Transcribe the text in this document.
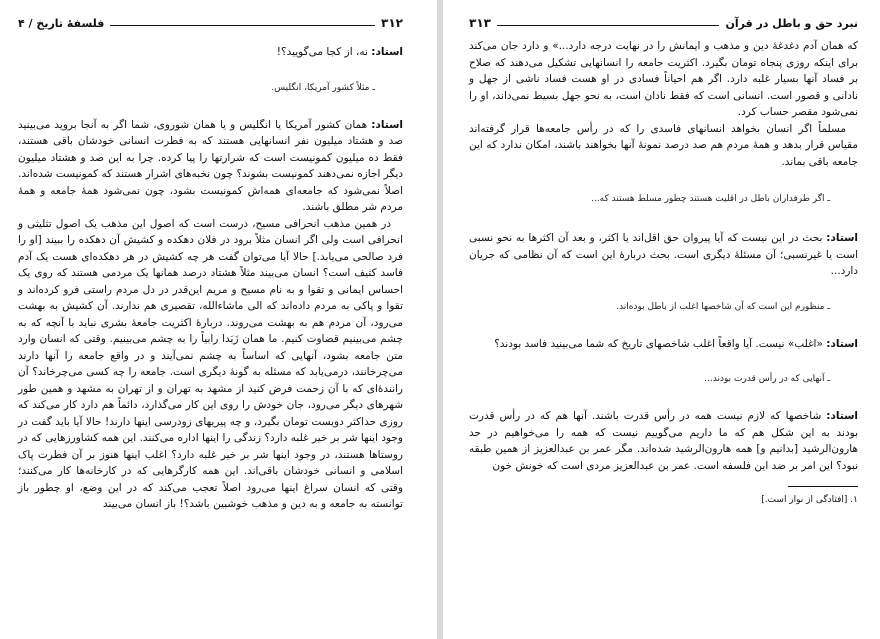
۳۱۲
فلسفهٔ تاریخ / ۴

استاد: نه، از کجا می‌گویید؟!

ـ مثلاً کشور آمریکا، انگلیس.

استاد: همان کشور آمریکا یا انگلیس و یا همان شوروی، شما اگر به آنجا بروید می‌بینید صد و هشتاد میلیون نفر انسانهایی هستند که به فطرت انسانی خودشان باقی هستند، فقط ده میلیون کمونیست است که شرارتها را پیا کرده. چرا به این صد و هشتاد میلیون دیگر اجازه نمی‌دهند کمونیست بشوند؟ چون نخبه‌های اشرار هستند که کمونیست شده‌اند. اصلاً نمی‌شود که جامعه‌ای همه‌اش کمونیست بشود، چون نمی‌شود همهٔ جامعه و همهٔ مردم شر مطلق باشند.

در همین مذهب انحرافی مسیح، درست است که اصول این مذهب یک اصول تثلیثی و انحرافی است ولی اگر انسان مثلاً برود در فلان دهکده و کشیش آن دهکده را ببیند [او را فرد صالحی می‌یابد.] حالا آیا می‌توان گفت هر چه کشیش در هر دهکده‌ای هست یک آدم فاسد کثیف است؟ انسان می‌بیند مثلاً هشتاد درصد همانها یک مردمی هستند که روی یک احساس ایمانی و تقوا و به نام مسیح و مریم این‌قدر در دل مردم راستی فرو کرده‌اند و تقوا و پاکی به مردم داده‌اند که الی ماشاءالله، تقصیری هم ندارند. آن کشیش به بهشت می‌رود، آن مردم هم به بهشت می‌روند. دربارهٔ اکثریت جامعهٔ بشری نباید با آنچه که به چشم می‌بینیم قضاوت کنیم. ما همان زَبَدا رابیاً را به چشم می‌بینیم. وقتی که انسان وارد متن جامعه بشود، آنهایی که اساساً به چشم نمی‌آیند و در واقع جامعه را آنها دارند می‌چرخانند، درمی‌یابد که مسئله به گونهٔ دیگری است. جامعه را چه کسی می‌چرخاند؟ آن رانندهٔ‌ای که با آن زحمت فرض کنید از مشهد به تهران و از تهران به مشهد و همین طور شهرهای دیگر می‌رود، جان خودش را روی این کار می‌گذارد، دائماً هم دارد کار می‌کند که روزی حداکثر دویست تومان بگیرد، و چه پیریهای زودرسی اینها دارند! حالا آیا باید گفت در وجود اینها شر بر خیر غلبه دارد؟ زندگی را اینها اداره می‌کنند. این همه کشاورزهایی که در روستاها هستند، در وجود اینها شر بر خیر غلبه دارد؟ اغلب اینها هنوز بر آن فطرت پاک اسلامی و انسانی خودشان باقی‌اند. این همه کارگرهایی که در کارخانه‌ها کار می‌کنند؛ وقتی که انسان سراغ اینها می‌رود اصلاً تعجب می‌کند که در این وضع، او چطور باز توانسته به جامعه و به دین و مذهب خوشبین باشد؟! باز انسان می‌بیند

نبرد حق و باطل در قرآن
۳۱۳

که همان آدم دغدغهٔ دین و مذهب و ایمانش را در نهایت درجه دارد...» و دارد جان می‌کند برای اینکه روزی پنجاه تومان بگیرد. اکثریت جامعه را انسانهایی تشکیل می‌دهند که صلاح بر فساد آنها بسیار غلبه دارد. اگر هم احیاناً فسادی در او هست فساد ناشی از جهل و نادانی و قصور است. انسانی است که فقط نادان است، به نحو جهل بسیط نمی‌داند، او را نمی‌شود مقصر حساب کرد.

مسلماً اگر انسان بخواهد انسانهای فاسدی را که در رأس جامعه‌ها قرار گرفته‌اند مقیاس قرار بدهد و همهٔ مردم هم صد درصد نمونهٔ آنها بخواهند باشند، امکان ندارد که این جامعه باقی بماند.

ـ اگر طرفداران باطل در اقلیت هستند چطور مسلط هستند که...

استاد: بحث در این نیست که آیا پیروان حق اقل‌اند یا اکثر، و بعد آن اکثرها به نحو نسبی است یا غیرنسبی؛ آن مسئلهٔ دیگری است. بحث دربارهٔ این است که آن نظامی که جریان دارد...

ـ منظورم این است که آن شاخصها اغلب از باطل بوده‌اند.

استاد: «اغلب» نیست. آیا واقعاً اغلب شاخصهای تاریخ که شما می‌بینید فاسد بودند؟

ـ آنهایی که در رأس قدرت بودند...

استاد: شاخصها که لازم نیست همه در رأس قدرت باشند. آنها هم که در رأس قدرت بودند به این شکل هم که ما داریم می‌گوییم نیست که همه را می‌خواهیم در حد هارون‌الرشید [بدانیم و] همه هارون‌الرشید شده‌اند. مگر عمر بن عبدالعزیز از همین طبقه نبود؟ این امر بر ضد این فلسفه است. عمر بن عبدالعزیز مردی است که خونش خون

۱. [افتادگی از نوار است.]
